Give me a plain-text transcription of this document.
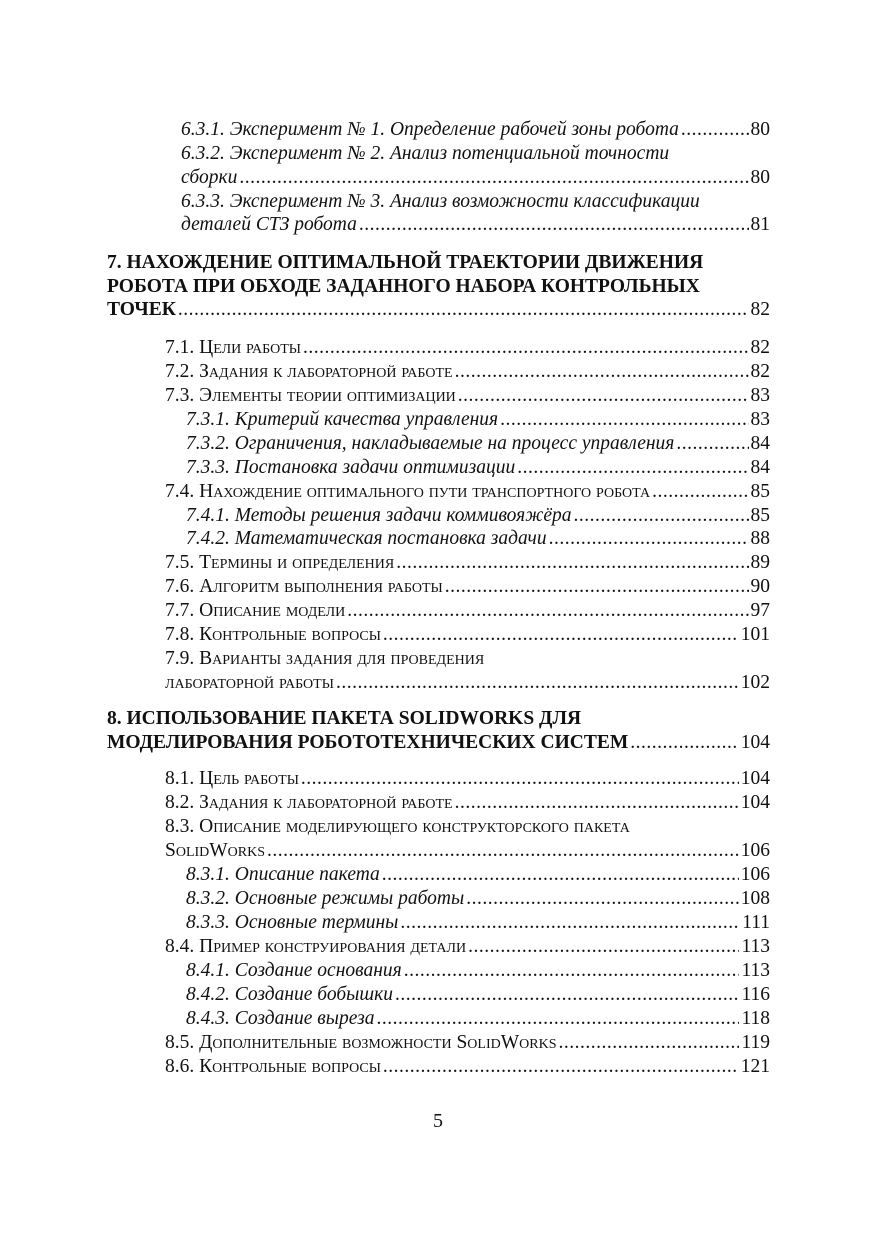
6.3.1. Эксперимент № 1. Определение рабочей зоны робота .....	80
6.3.2. Эксперимент № 2. Анализ потенциальной точности
сборки .....	80
6.3.3. Эксперимент № 3. Анализ возможности классификации
деталей СТЗ робота .....	81
7. НАХОЖДЕНИЕ ОПТИМАЛЬНОЙ ТРАЕКТОРИИ ДВИЖЕНИЯ
РОБОТА ПРИ ОБХОДЕ ЗАДАННОГО НАБОРА КОНТРОЛЬНЫХ
ТОЧЕК .....	82
7.1. Цели работы .....	82
7.2. Задания к лабораторной работе .....	82
7.3. Элементы теории оптимизации .....	83
7.3.1. Критерий качества управления .....	83
7.3.2. Ограничения, накладываемые на процесс управления .....	84
7.3.3. Постановка задачи оптимизации .....	84
7.4. Нахождение оптимального пути транспортного робота .....	85
7.4.1. Методы решения задачи коммивояжёра .....	85
7.4.2. Математическая постановка задачи .....	88
7.5. Термины и определения .....	89
7.6. Алгоритм выполнения работы .....	90
7.7. Описание модели .....	97
7.8. Контрольные вопросы .....	101
7.9. Варианты задания для проведения
лабораторной работы .....	102
8. ИСПОЛЬЗОВАНИЕ ПАКЕТА SOLIDWORKS ДЛЯ
МОДЕЛИРОВАНИЯ РОБОТОТЕХНИЧЕСКИХ СИСТЕМ .....	104
8.1. Цель работы .....	104
8.2. Задания к лабораторной работе .....	104
8.3. Описание моделирующего конструкторского пакета
SolidWorks .....	106
8.3.1. Описание пакета .....	106
8.3.2. Основные режимы работы .....	108
8.3.3. Основные термины .....	111
8.4. Пример конструирования детали .....	113
8.4.1. Создание основания .....	113
8.4.2. Создание бобышки .....	116
8.4.3. Создание выреза .....	118
8.5. Дополнительные возможности SolidWorks .....	119
8.6. Контрольные вопросы .....	121
5
